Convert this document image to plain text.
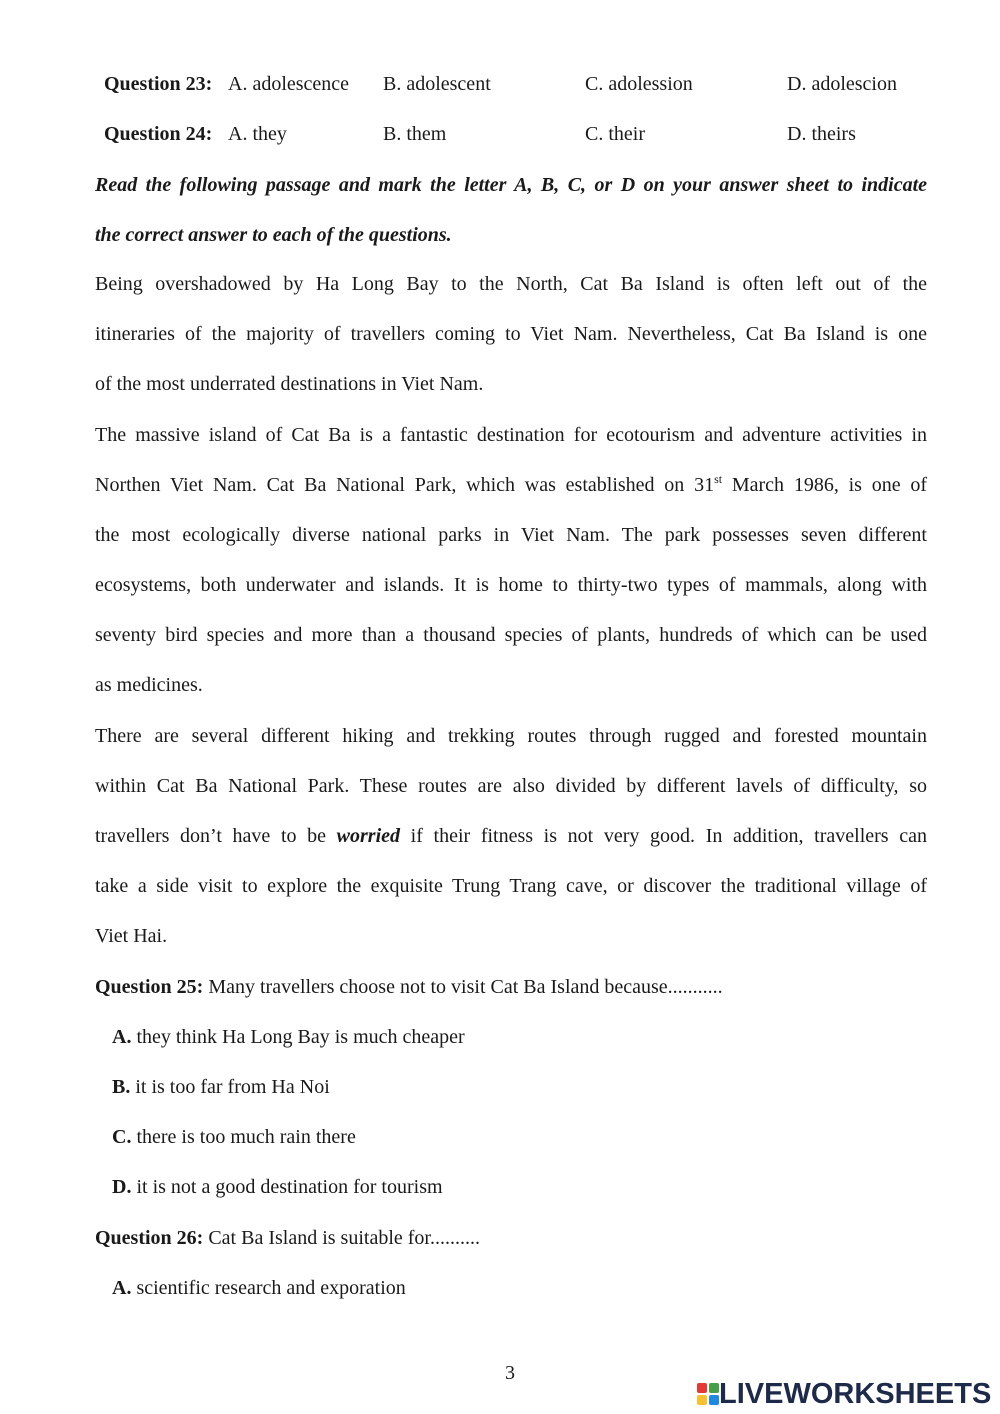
Question 23: A. adolescence B. adolescent	C. adolession	D. adolescion
Question 24: A. they	B. them	C. their	D. theirs
Read the following passage and mark the letter A, B, C, or D on your answer sheet to indicate
the correct answer to each of the questions.
Being overshadowed by Ha Long Bay to the North, Cat Ba Island is often left out of the
itineraries of the majority of travellers coming to Viet Nam. Nevertheless, Cat Ba Island is one
of the most underrated destinations in Viet Nam.
The massive island of Cat Ba is a fantastic destination for ecotourism and adventure activities in
Northen Viet Nam. Cat Ba National Park, which was established on 31st March 1986, is one of
the most ecologically diverse national parks in Viet Nam. The park possesses seven different
ecosystems, both underwater and islands. It is home to thirty-two types of mammals, along with
seventy bird species and more than a thousand species of plants, hundreds of which can be used
as medicines.
There are several different hiking and trekking routes through rugged and forested mountain
within Cat Ba National Park. These routes are also divided by different lavels of difficulty, so
travellers don’t have to be worried if their fitness is not very good. In addition, travellers can
take a side visit to explore the exquisite Trung Trang cave, or discover the traditional village of
Viet Hai.
Question 25: Many travellers choose not to visit Cat Ba Island because...........
A. they think Ha Long Bay is much cheaper
B. it is too far from Ha Noi
C. there is too much rain there
D. it is not a good destination for tourism
Question 26: Cat Ba Island is suitable for..........
A. scientific research and exporation
3
LIVEWORKSHEETS
